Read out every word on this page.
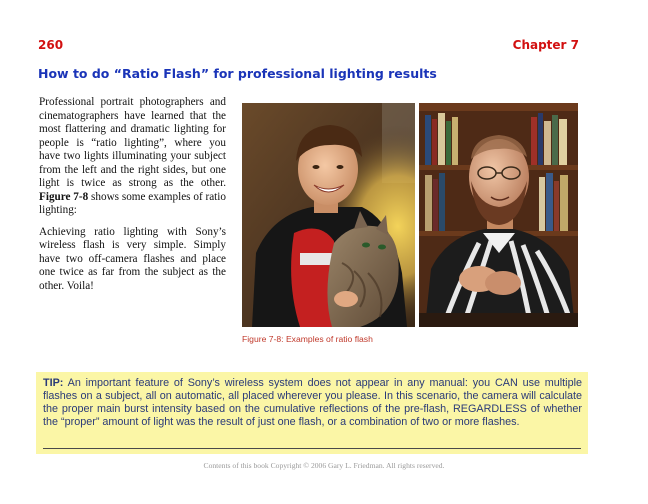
260	Chapter 7
How to do “Ratio Flash” for professional lighting results

Professional portrait photographers and cinematographers have learned that the most flattering and dramatic lighting for people is “ratio lighting”, where you have two lights illuminating your subject from the left and the right sides, but one light is twice as strong as the other. Figure 7-8 shows some examples of ratio lighting:

Achieving ratio lighting with Sony’s wireless flash is very simple. Simply have two off-camera flashes and place one twice as far from the subject as the other. Voila!

Figure 7-8: Examples of ratio flash
TIP: An important feature of Sony’s wireless system does not appear in any manual: you CAN use multiple flashes on a subject, all on automatic, all placed wherever you please. In this scenario, the camera will calculate the proper main burst intensity based on the cumulative reflections of the pre-flash, REGARDLESS of whether the “proper” amount of light was the result of just one flash, or a combination of two or more flashes.
Contents of this book Copyright © 2006 Gary L. Friedman. All rights reserved.
